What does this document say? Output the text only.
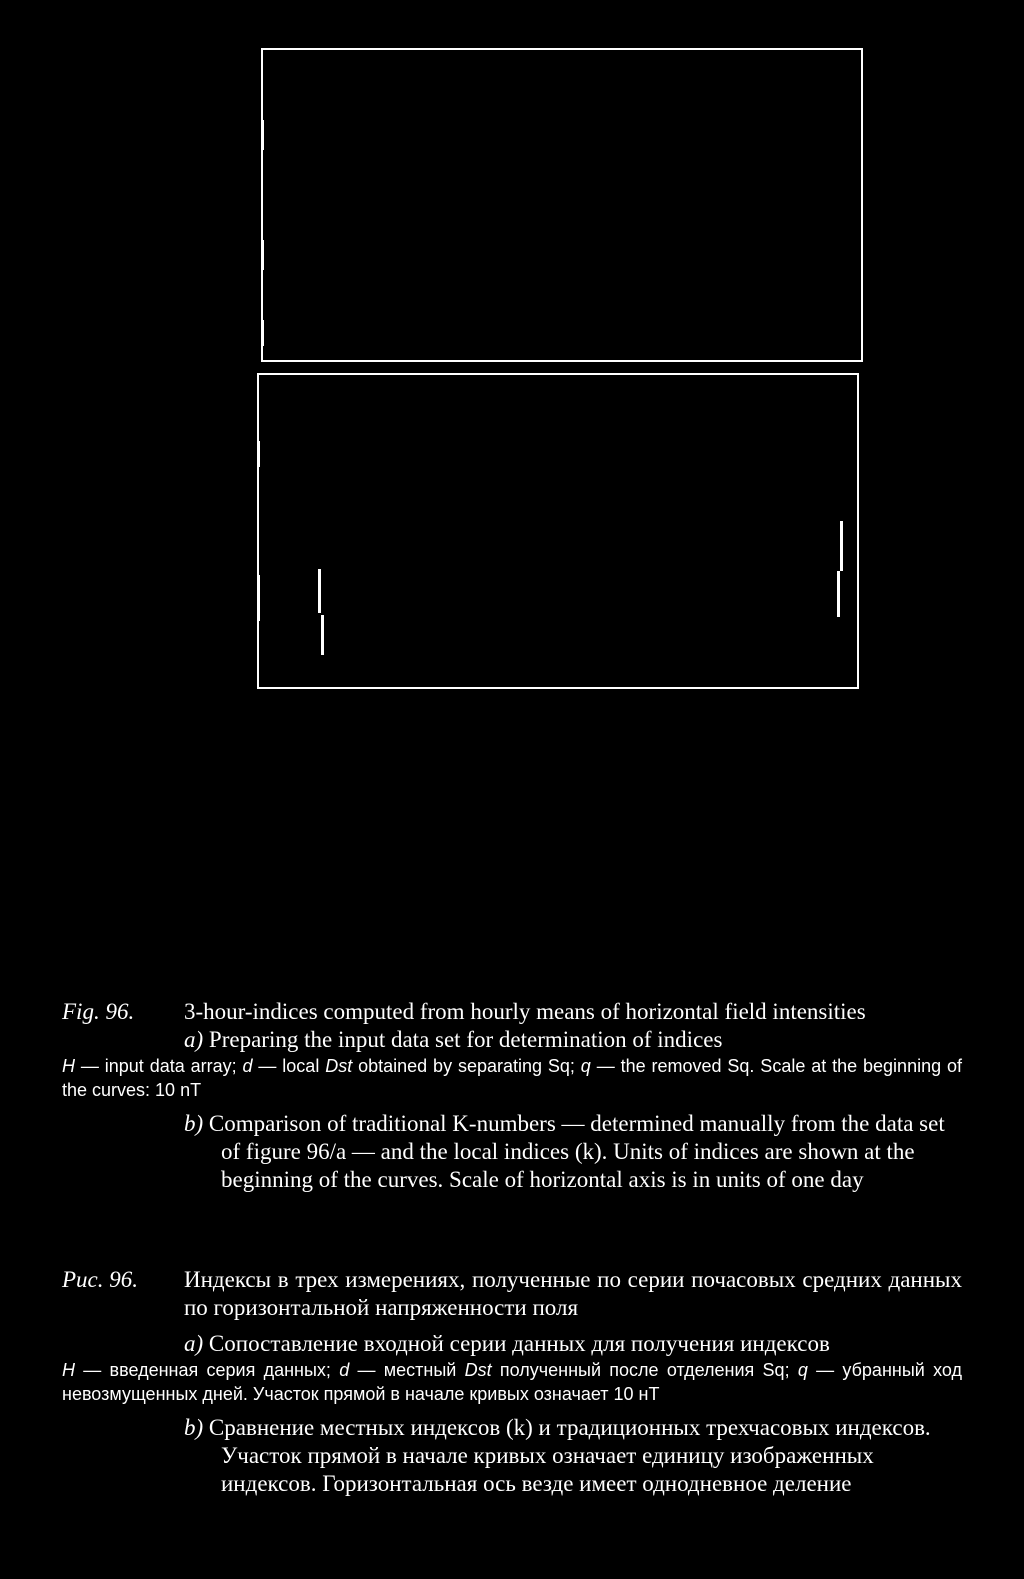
Fig. 96. 3-hour-indices computed from hourly means of horizontal field intensities
a) Preparing the input data set for determination of indices
H — input data array; d — local Dst obtained by separating Sq; q — the removed Sq. Scale at the beginning of the curves: 10 nT
b) Comparison of traditional K-numbers — determined manually from the data set of figure 96/a — and the local indices (k). Units of indices are shown at the beginning of the curves. Scale of horizontal axis is in units of one day
Рис. 96. Индексы в трех измерениях, полученные по серии почасовых средних данных по горизонтальной напряженности поля
a) Сопоставление входной серии данных для получения индексов
H — введенная серия данных; d — местный Dst полученный после отделения Sq; q — убранный ход невозмущенных дней. Участок прямой в начале кривых означает 10 нТ
b) Сравнение местных индексов (k) и традиционных трехчасовых индексов. Участок прямой в начале кривых означает единицу изображенных индексов. Горизонтальная ось везде имеет однодневное деление
